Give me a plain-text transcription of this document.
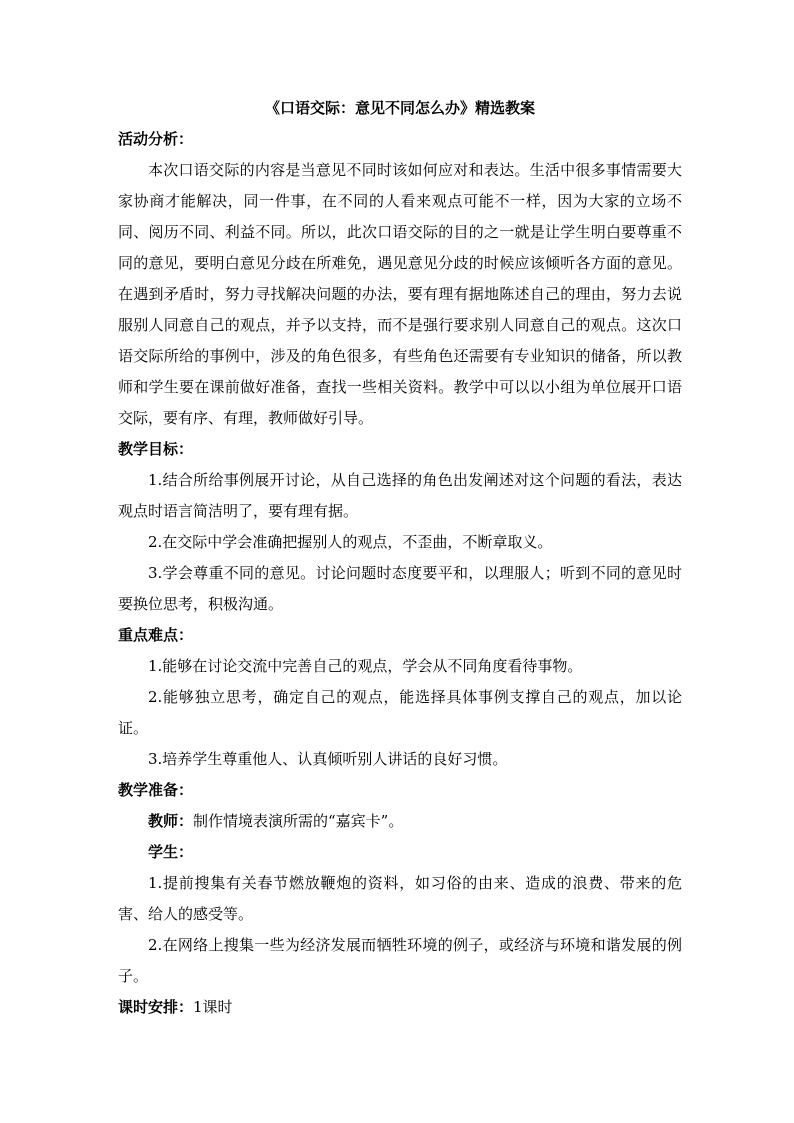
《口语交际：意见不同怎么办》精选教案

活动分析：

本次口语交际的内容是当意见不同时该如何应对和表达。生活中很多事情需要大家协商才能解决，同一件事，在不同的人看来观点可能不一样，因为大家的立场不同、阅历不同、利益不同。所以，此次口语交际的目的之一就是让学生明白要尊重不同的意见，要明白意见分歧在所难免，遇见意见分歧的时候应该倾听各方面的意见。在遇到矛盾时，努力寻找解决问题的办法，要有理有据地陈述自己的理由，努力去说服别人同意自己的观点，并予以支持，而不是强行要求别人同意自己的观点。这次口语交际所给的事例中，涉及的角色很多，有些角色还需要有专业知识的储备，所以教师和学生要在课前做好准备，查找一些相关资料。教学中可以以小组为单位展开口语交际，要有序、有理，教师做好引导。

教学目标：

1.结合所给事例展开讨论，从自己选择的角色出发阐述对这个问题的看法，表达观点时语言简洁明了，要有理有据。

2.在交际中学会准确把握别人的观点，不歪曲，不断章取义。

3.学会尊重不同的意见。讨论问题时态度要平和，以理服人；听到不同的意见时要换位思考，积极沟通。

重点难点：

1.能够在讨论交流中完善自己的观点，学会从不同角度看待事物。

2.能够独立思考，确定自己的观点，能选择具体事例支撑自己的观点，加以论证。

3.培养学生尊重他人、认真倾听别人讲话的良好习惯。

教学准备：

教师：制作情境表演所需的“嘉宾卡”。

学生：

1.提前搜集有关春节燃放鞭炮的资料，如习俗的由来、造成的浪费、带来的危害、给人的感受等。

2.在网络上搜集一些为经济发展而牺牲环境的例子，或经济与环境和谐发展的例子。

课时安排：1课时
